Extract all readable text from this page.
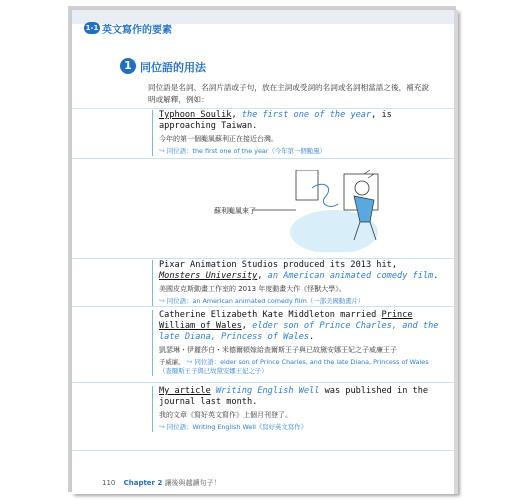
1-1 英文寫作的要素
1 同位語的用法
同位語是名詞、名詞片語或子句，放在主詞或受詞的名詞或名詞相當語之後，補充說明或解釋，例如：
Typhoon Soulik, the first one of the year, is approaching Taiwan.
今年的第一個颱風蘇利正在接近台灣。
↪ 同位語：the first one of the year（今年第一個颱風）
蘇利颱風來了
Pixar Animation Studios produced its 2013 hit, Monsters University, an American animated comedy film.
美國皮克斯動畫工作室的 2013 年度動畫大作《怪獸大學》。
↪ 同位語：an American animated comedy film（一部美國動畫片）
Catherine Elizabeth Kate Middleton married Prince William of Wales, elder son of Prince Charles, and the late Diana, Princess of Wales.
凱瑟琳・伊麗莎白・米德爾頓嫁給查爾斯王子與已故黛安娜王妃之子威廉王子
子威廉。 ↪ 同位語：elder son of Prince Charles, and the late Diana, Princess of Wales（查爾斯王子與已故黛安娜王妃之子）
My article Writing English Well was published in the journal last month.
我的文章《寫好英文寫作》上個月刊登了。
↪ 同位語：Writing English Well《寫好英文寫作》
110 Chapter 2 讓後與越讀句子！
